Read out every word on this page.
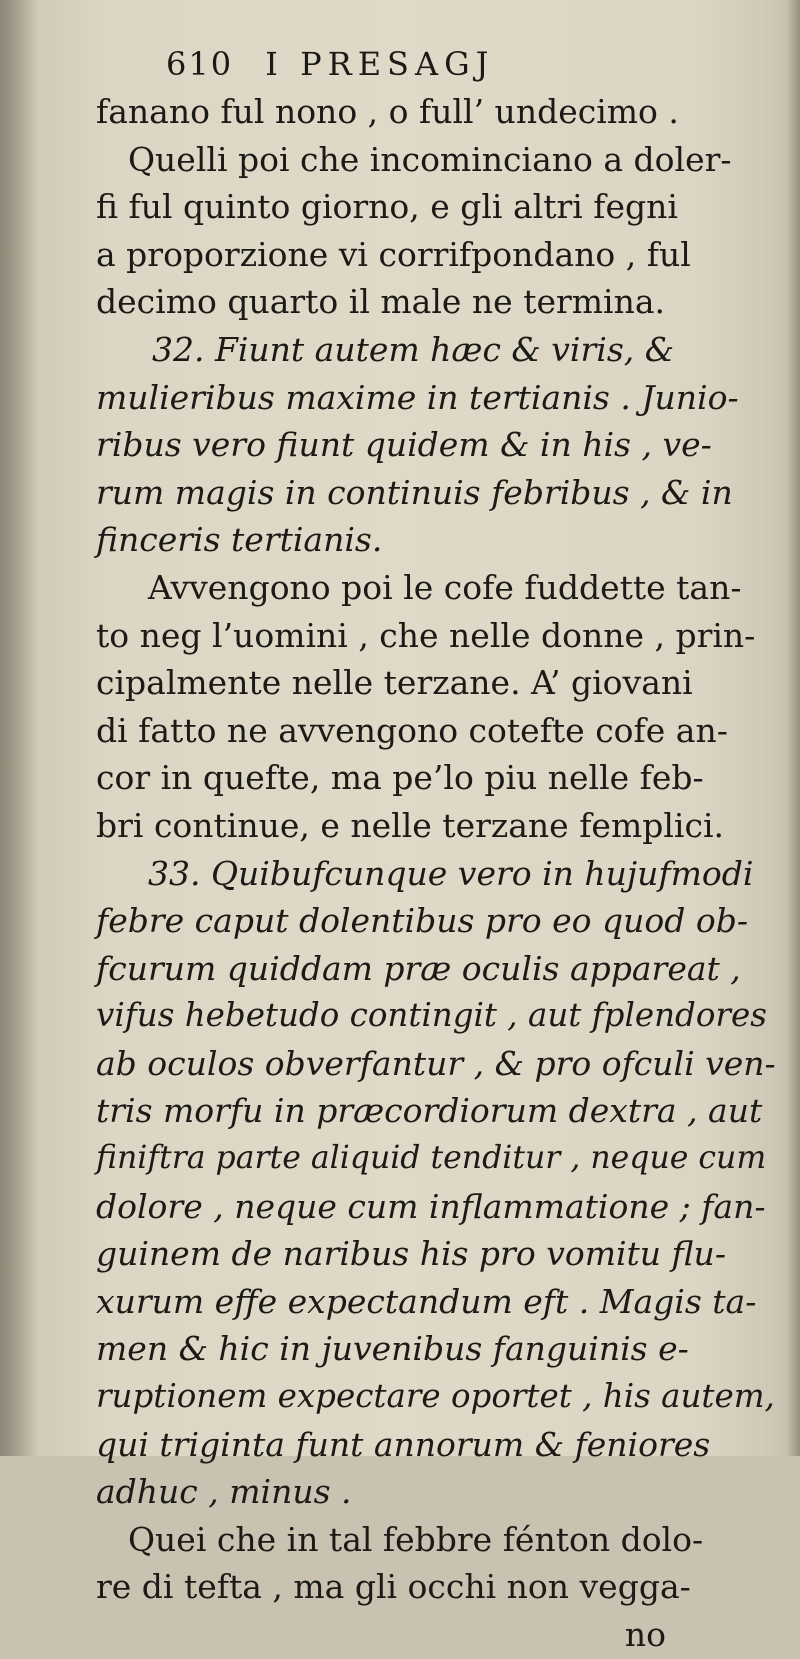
610 I PRESAGJ
fanano ful nono , o full’ undecimo .
Quelli poi che incominciano a doler-
fi ful quinto giorno, e gli altri fegni
a proporzione vi corrifpondano , ful
decimo quarto il male ne termina.
32. Fiunt autem hæc & viris, &
mulieribus maxime in tertianis . Junio-
ribus vero fiunt quidem & in his , ve-
rum magis in continuis febribus , & in
finceris tertianis.
Avvengono poi le cofe fuddette tan-
to neg l’uomini , che nelle donne , prin-
cipalmente nelle terzane. A’ giovani
di fatto ne avvengono cotefte cofe an-
cor in quefte, ma pe’lo piu nelle feb-
bri continue, e nelle terzane femplici.
33. Quibufcunque vero in hujufmodi
febre caput dolentibus pro eo quod ob-
fcurum quiddam præ oculis appareat ,
vifus hebetudo contingit , aut fplendores
ab oculos obverfantur , & pro ofculi ven-
tris morfu in præcordiorum dextra , aut
finiftra parte aliquid tenditur , neque cum
dolore , neque cum inflammatione ; fan-
guinem de naribus his pro vomitu flu-
xurum effe expectandum eft . Magis ta-
men & hic in juvenibus fanguinis e-
ruptionem expectare oportet , his autem,
qui triginta funt annorum & feniores
adhuc , minus .
Quei che in tal febbre fénton dolo-
re di tefta , ma gli occhi non vegga-
no
